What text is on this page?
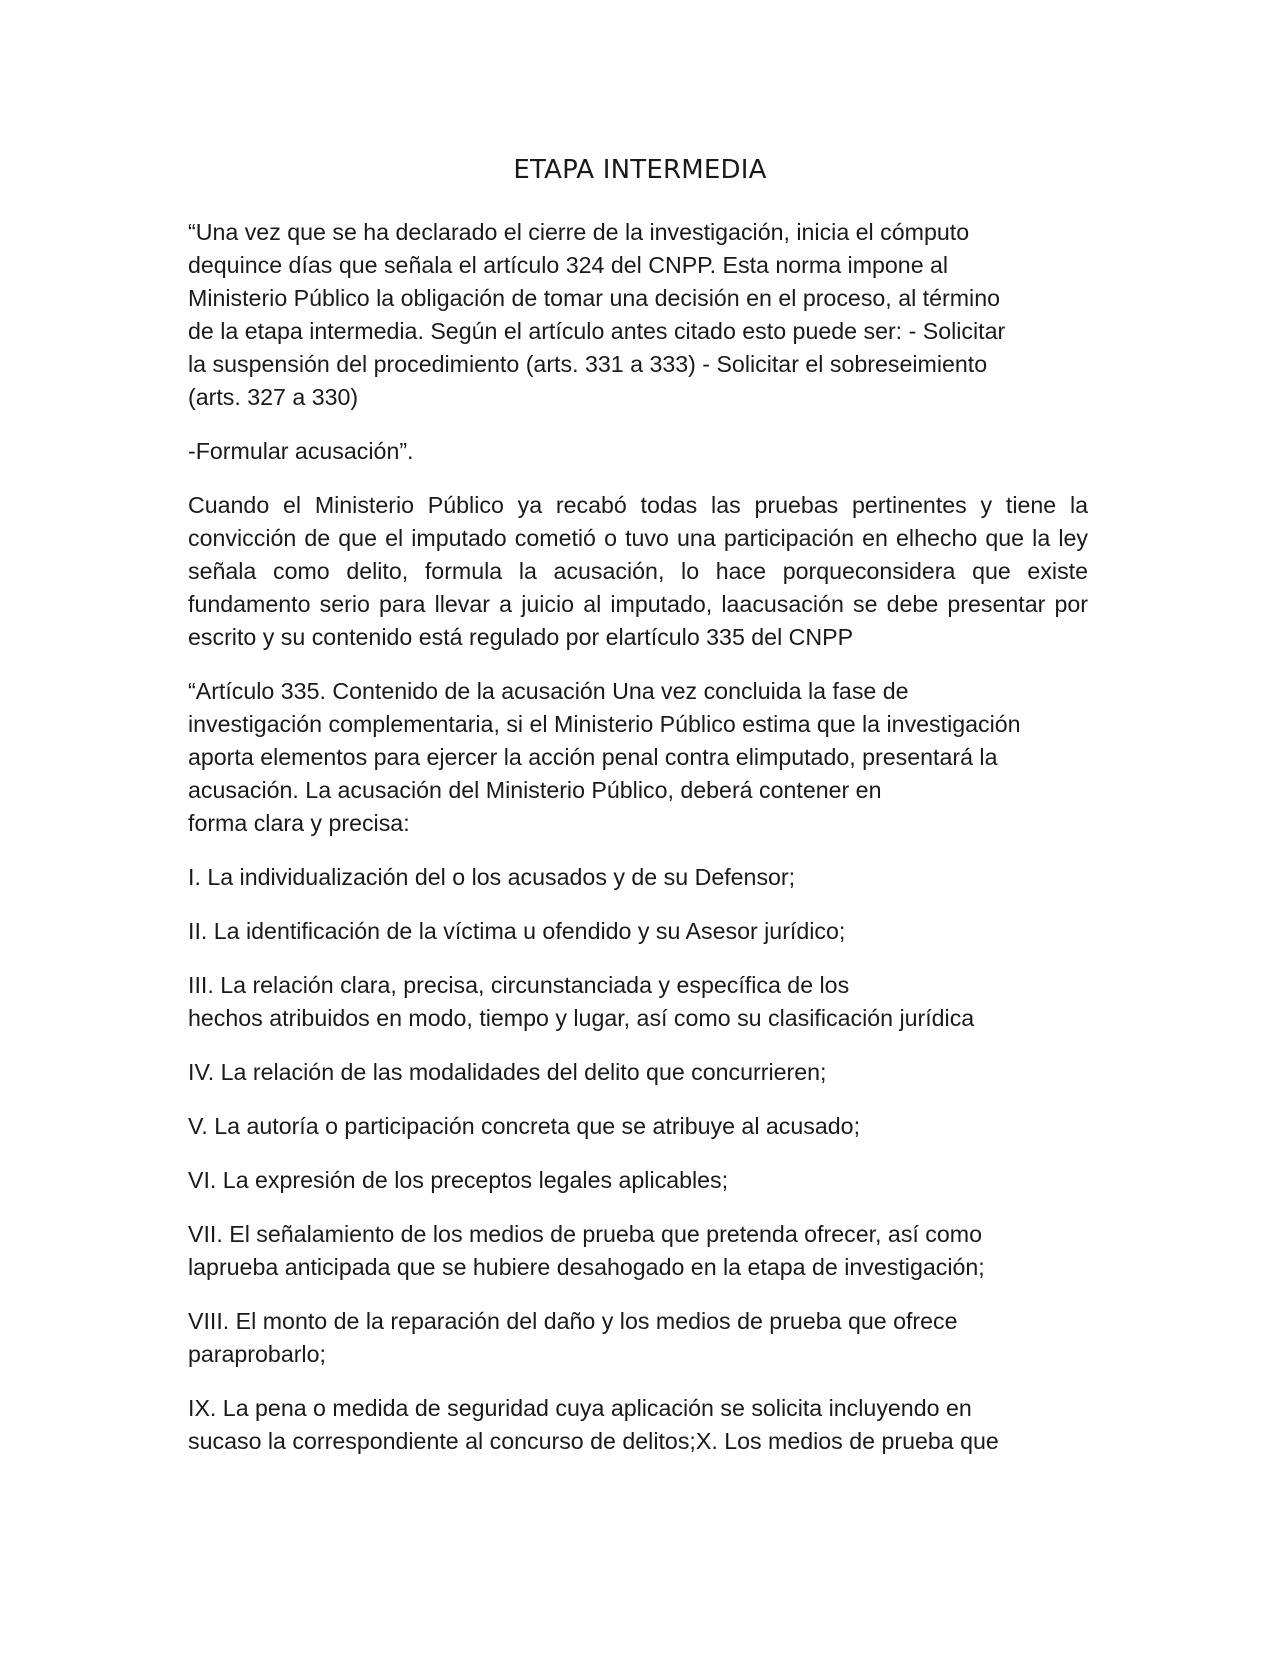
ETAPA INTERMEDIA

“Una vez que se ha declarado el cierre de la investigación, inicia el cómputo
dequince días que señala el artículo 324 del CNPP. Esta norma impone al
Ministerio Público la obligación de tomar una decisión en el proceso, al término
de la etapa intermedia. Según el artículo antes citado esto puede ser: - Solicitar
la suspensión del procedimiento (arts. 331 a 333) - Solicitar el sobreseimiento
(arts. 327 a 330)

-Formular acusación”.

Cuando el Ministerio Público ya recabó todas las pruebas pertinentes y tiene la convicción de que el imputado cometió o tuvo una participación en elhecho que la ley señala como delito, formula la acusación, lo hace porqueconsidera que existe fundamento serio para llevar a juicio al imputado, laacusación se debe presentar por escrito y su contenido está regulado por elartículo 335 del CNPP

“Artículo 335. Contenido de la acusación Una vez concluida la fase de
investigación complementaria, si el Ministerio Público estima que la investigación
aporta elementos para ejercer la acción penal contra elimputado, presentará la
acusación. La acusación del Ministerio Público, deberá contener en
forma clara y precisa:

I. La individualización del o los acusados y de su Defensor;

II. La identificación de la víctima u ofendido y su Asesor jurídico;

III. La relación clara, precisa, circunstanciada y específica de los
hechos atribuidos en modo, tiempo y lugar, así como su clasificación jurídica

IV. La relación de las modalidades del delito que concurrieren;

V. La autoría o participación concreta que se atribuye al acusado;

VI. La expresión de los preceptos legales aplicables;

VII. El señalamiento de los medios de prueba que pretenda ofrecer, así como
laprueba anticipada que se hubiere desahogado en la etapa de investigación;

VIII. El monto de la reparación del daño y los medios de prueba que ofrece
paraprobarlo;

IX. La pena o medida de seguridad cuya aplicación se solicita incluyendo en
sucaso la correspondiente al concurso de delitos;X. Los medios de prueba que
